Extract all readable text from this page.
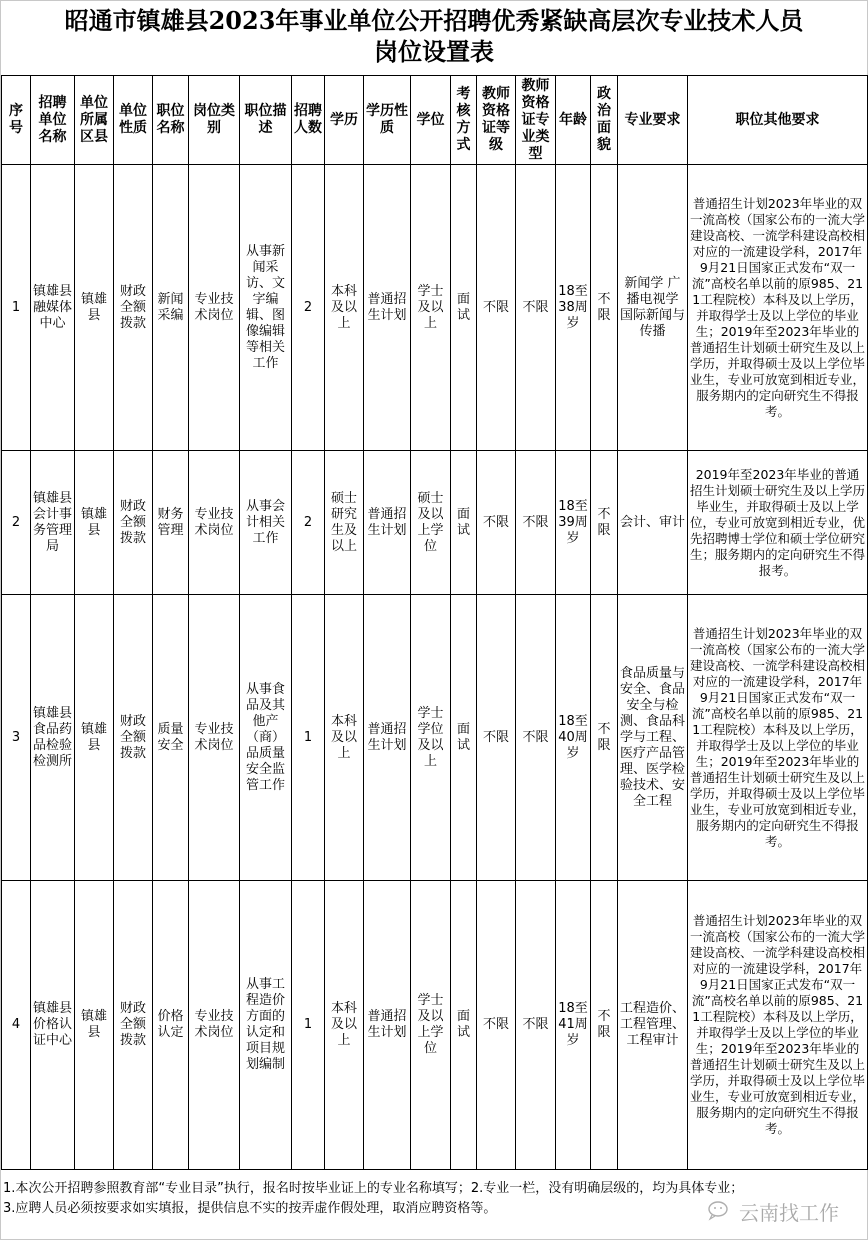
昭通市镇雄县2023年事业单位公开招聘优秀紧缺高层次专业技术人员
岗位设置表
序号	招聘单位名称	单位所属区县	单位性质	职位名称	岗位类别	职位描述	招聘人数	学历	学历性质	学位	考核方式	教师资格证等级	教师资格证专业类型	年龄	政治面貌	专业要求	职位其他要求
1	镇雄县融媒体中心	镇雄县	财政全额拨款	新闻采编	专业技术岗位	从事新闻采访、文字编辑、图像编辑等相关工作	2	本科及以上	普通招生计划	学士及以上	面试	不限	不限	18至38周岁	不限	新闻学 广播电视学 国际新闻与传播	普通招生计划2023年毕业的双一流高校（国家公布的一流大学建设高校、一流学科建设高校相对应的一流建设学科，2017年9月21日国家正式发布“双一流”高校名单以前的原985、211工程院校）本科及以上学历，并取得学士及以上学位的毕业生；2019年至2023年毕业的普通招生计划硕士研究生及以上学历，并取得硕士及以上学位毕业生，专业可放宽到相近专业，服务期内的定向研究生不得报考。
2	镇雄县会计事务管理局	镇雄县	财政全额拨款	财务管理	专业技术岗位	从事会计相关工作	2	硕士研究生及以上	普通招生计划	硕士及以上学位	面试	不限	不限	18至39周岁	不限	会计、审计	2019年至2023年毕业的普通招生计划硕士研究生及以上学历毕业生，并取得硕士及以上学位，专业可放宽到相近专业，优先招聘博士学位和硕士学位研究生；服务期内的定向研究生不得报考。
3	镇雄县食品药品检验检测所	镇雄县	财政全额拨款	质量安全	专业技术岗位	从事食品及其他产（商）品质量安全监管工作	1	本科及以上	普通招生计划	学士学位及以上	面试	不限	不限	18至40周岁	不限	食品质量与安全、食品安全与检测、食品科学与工程、医疗产品管理、医学检验技术、安全工程	普通招生计划2023年毕业的双一流高校（国家公布的一流大学建设高校、一流学科建设高校相对应的一流建设学科，2017年9月21日国家正式发布“双一流”高校名单以前的原985、211工程院校）本科及以上学历，并取得学士及以上学位的毕业生；2019年至2023年毕业的普通招生计划硕士研究生及以上学历，并取得硕士及以上学位毕业生，专业可放宽到相近专业，服务期内的定向研究生不得报考。
4	镇雄县价格认证中心	镇雄县	财政全额拨款	价格认定	专业技术岗位	从事工程造价方面的认定和项目规划编制	1	本科及以上	普通招生计划	学士及以上学位	面试	不限	不限	18至41周岁	不限	工程造价、工程管理、工程审计	普通招生计划2023年毕业的双一流高校（国家公布的一流大学建设高校、一流学科建设高校相对应的一流建设学科，2017年9月21日国家正式发布“双一流”高校名单以前的原985、211工程院校）本科及以上学历，并取得学士及以上学位的毕业生；2019年至2023年毕业的普通招生计划硕士研究生及以上学历，并取得硕士及以上学位毕业生，专业可放宽到相近专业，服务期内的定向研究生不得报考。
1.本次公开招聘参照教育部“专业目录”执行，报名时按毕业证上的专业名称填写；2.专业一栏，没有明确层级的，均为具体专业；
3.应聘人员必须按要求如实填报，提供信息不实的按弄虚作假处理，取消应聘资格等。	云南找工作
